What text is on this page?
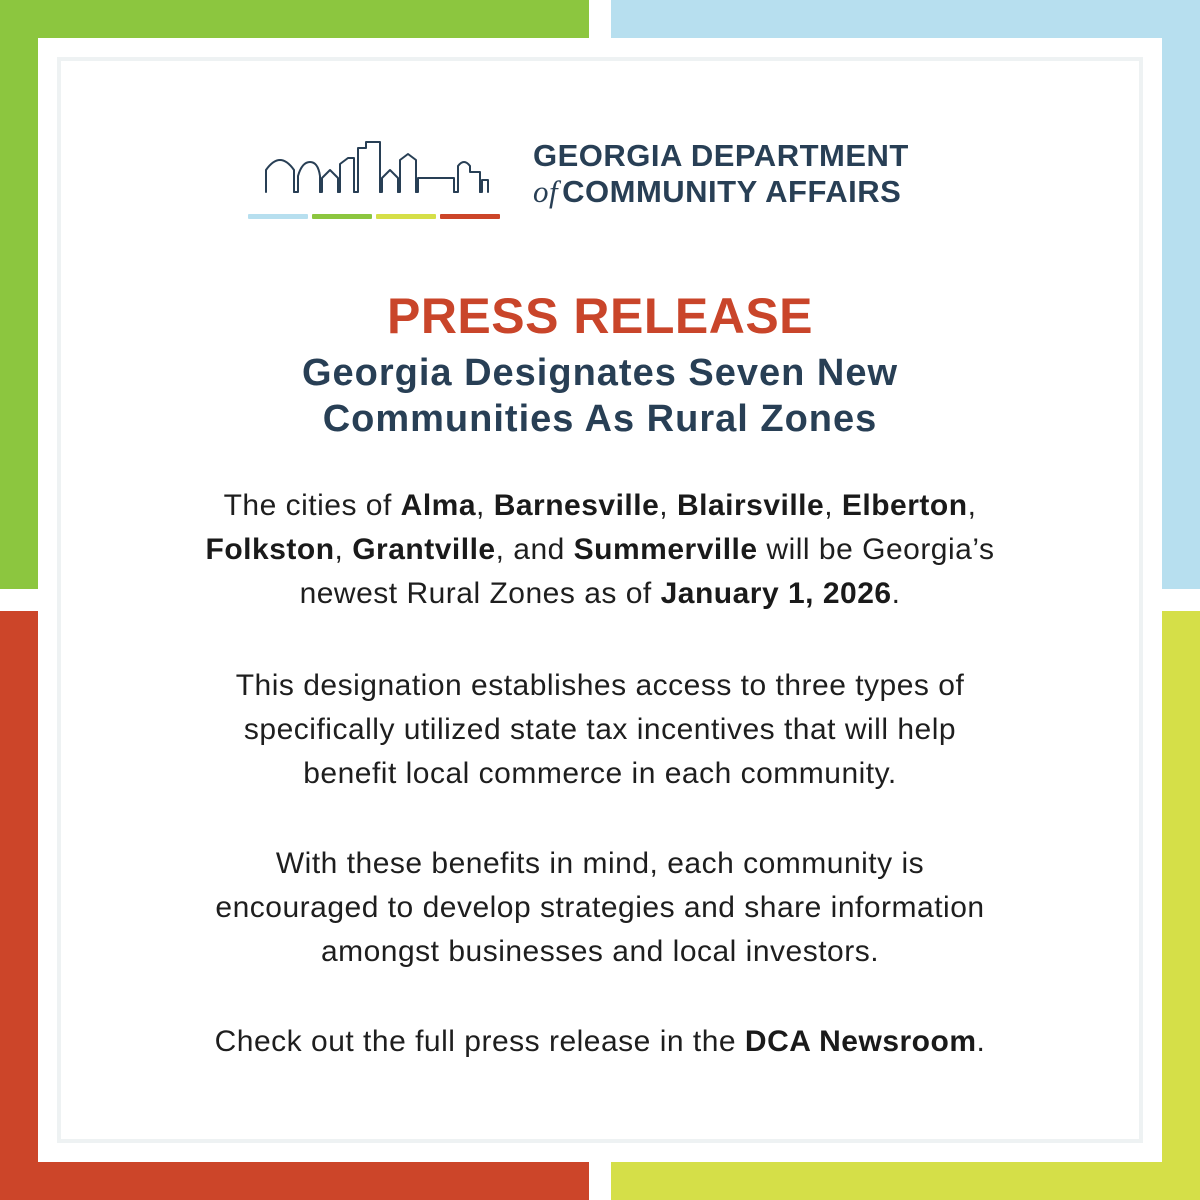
GEORGIA DEPARTMENT
of COMMUNITY AFFAIRS
PRESS RELEASE
Georgia Designates Seven New
Communities As Rural Zones
The cities of Alma, Barnesville, Blairsville, Elberton,
Folkston, Grantville, and Summerville will be Georgia’s
newest Rural Zones as of January 1, 2026.
This designation establishes access to three types of
specifically utilized state tax incentives that will help
benefit local commerce in each community.
With these benefits in mind, each community is
encouraged to develop strategies and share information
amongst businesses and local investors.
Check out the full press release in the DCA Newsroom.
